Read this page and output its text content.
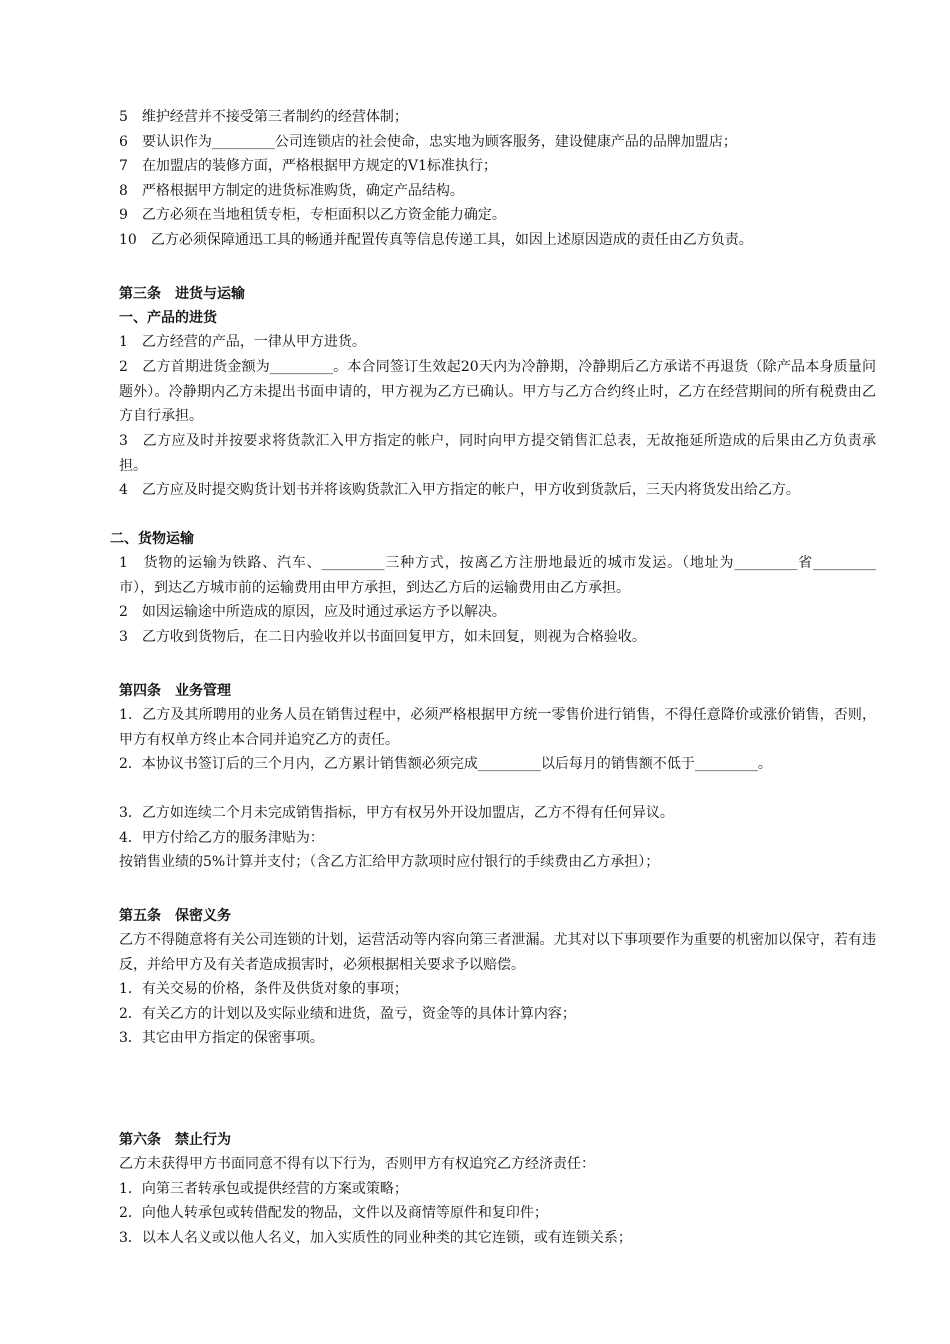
5　维护经营并不接受第三者制约的经营体制；
6　要认识作为_________公司连锁店的社会使命，忠实地为顾客服务，建设健康产品的品牌加盟店；
7　在加盟店的装修方面，严格根据甲方规定的V1标准执行；
8　严格根据甲方制定的进货标准购货，确定产品结构。
9　乙方必须在当地租赁专柜，专柜面积以乙方资金能力确定。
10　乙方必须保障通迅工具的畅通并配置传真等信息传递工具，如因上述原因造成的责任由乙方负责。
第三条　进货与运输
一、产品的进货
1　乙方经营的产品，一律从甲方进货。
2　乙方首期进货金额为_________。本合同签订生效起20天内为冷静期，冷静期后乙方承诺不再退货（除产品本身质量问题外）。冷静期内乙方未提出书面申请的，甲方视为乙方已确认。甲方与乙方合约终止时，乙方在经营期间的所有税费由乙方自行承担。
3　乙方应及时并按要求将货款汇入甲方指定的帐户，同时向甲方提交销售汇总表，无故拖延所造成的后果由乙方负责承担。
4　乙方应及时提交购货计划书并将该购货款汇入甲方指定的帐户，甲方收到货款后，三天内将货发出给乙方。
二、货物运输
1　货物的运输为铁路、汽车、_________三种方式，按离乙方注册地最近的城市发运。（地址为_________省_________市），到达乙方城市前的运输费用由甲方承担，到达乙方后的运输费用由乙方承担。
2　如因运输途中所造成的原因，应及时通过承运方予以解决。
3　乙方收到货物后，在二日内验收并以书面回复甲方，如未回复，则视为合格验收。
第四条　业务管理
1．乙方及其所聘用的业务人员在销售过程中，必须严格根据甲方统一零售价进行销售，不得任意降价或涨价销售，否则，甲方有权单方终止本合同并追究乙方的责任。
2．本协议书签订后的三个月内，乙方累计销售额必须完成_________以后每月的销售额不低于_________。
3．乙方如连续二个月未完成销售指标，甲方有权另外开设加盟店，乙方不得有任何异议。
4．甲方付给乙方的服务津贴为：
按销售业绩的5%计算并支付；（含乙方汇给甲方款项时应付银行的手续费由乙方承担）；
第五条　保密义务
乙方不得随意将有关公司连锁的计划，运营活动等内容向第三者泄漏。尤其对以下事项要作为重要的机密加以保守，若有违反，并给甲方及有关者造成损害时，必须根据相关要求予以赔偿。
1．有关交易的价格，条件及供货对象的事项；
2．有关乙方的计划以及实际业绩和进货，盈亏，资金等的具体计算内容；
3．其它由甲方指定的保密事项。
第六条　禁止行为
乙方未获得甲方书面同意不得有以下行为，否则甲方有权追究乙方经济责任：
1．向第三者转承包或提供经营的方案或策略；
2．向他人转承包或转借配发的物品，文件以及商情等原件和复印件；
3．以本人名义或以他人名义，加入实质性的同业种类的其它连锁，或有连锁关系；
